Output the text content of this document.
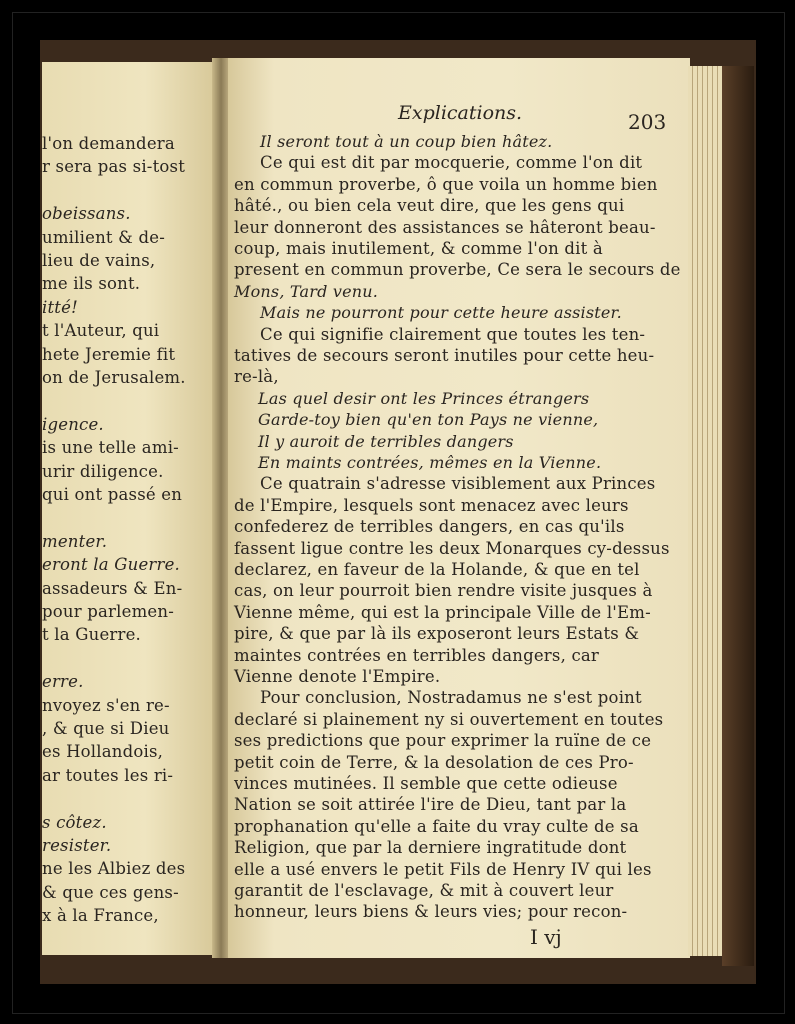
l'on demandera
r sera pas si-tost
obeissans.
umilient & de-
lieu de vains,
me ils sont.
itté!
t l'Auteur, qui
hete Jeremie fit
on de Jerusalem.
igence.
is une telle ami-
urir diligence.
qui ont passé en
menter.
eront la Guerre.
assadeurs & En-
pour parlemen-
t la Guerre.
erre.
nvoyez s'en re-
, & que si Dieu
es Hollandois,
ar toutes les ri-
s côtez.
resister.
ne les Albiez des
& que ces gens-
x à la France,
Explications.	203
I vj
Il seront tout à un coup bien hâtez.
Ce qui est dit par mocquerie, comme l'on dit
en commun proverbe, ô que voila un homme bien
hâté., ou bien cela veut dire, que les gens qui
leur donneront des assistances se hâteront beau-
coup, mais inutilement, & comme l'on dit à
present en commun proverbe, Ce sera le secours de
Mons, Tard venu.
Mais ne pourront pour cette heure assister.
Ce qui signifie clairement que toutes les ten-
tatives de secours seront inutiles pour cette heu-
re-là,
Las quel desir ont les Princes étrangers
Garde-toy bien qu'en ton Pays ne vienne,
Il y auroit de terribles dangers
En maints contrées, mêmes en la Vienne.
Ce quatrain s'adresse visiblement aux Princes
de l'Empire, lesquels sont menacez avec leurs
confederez de terribles dangers, en cas qu'ils
fassent ligue contre les deux Monarques cy-dessus
declarez, en faveur de la Holande, & que en tel
cas, on leur pourroit bien rendre visite jusques à
Vienne même, qui est la principale Ville de l'Em-
pire, & que par là ils exposeront leurs Estats &
maintes contrées en terribles dangers, car
Vienne denote l'Empire.
Pour conclusion, Nostradamus ne s'est point
declaré si plainement ny si ouvertement en toutes
ses predictions que pour exprimer la ruïne de ce
petit coin de Terre, & la desolation de ces Pro-
vinces mutinées. Il semble que cette odieuse
Nation se soit attirée l'ire de Dieu, tant par la
prophanation qu'elle a faite du vray culte de sa
Religion, que par la derniere ingratitude dont
elle a usé envers le petit Fils de Henry IV qui les
garantit de l'esclavage, & mit à couvert leur
honneur, leurs biens & leurs vies; pour recon-
